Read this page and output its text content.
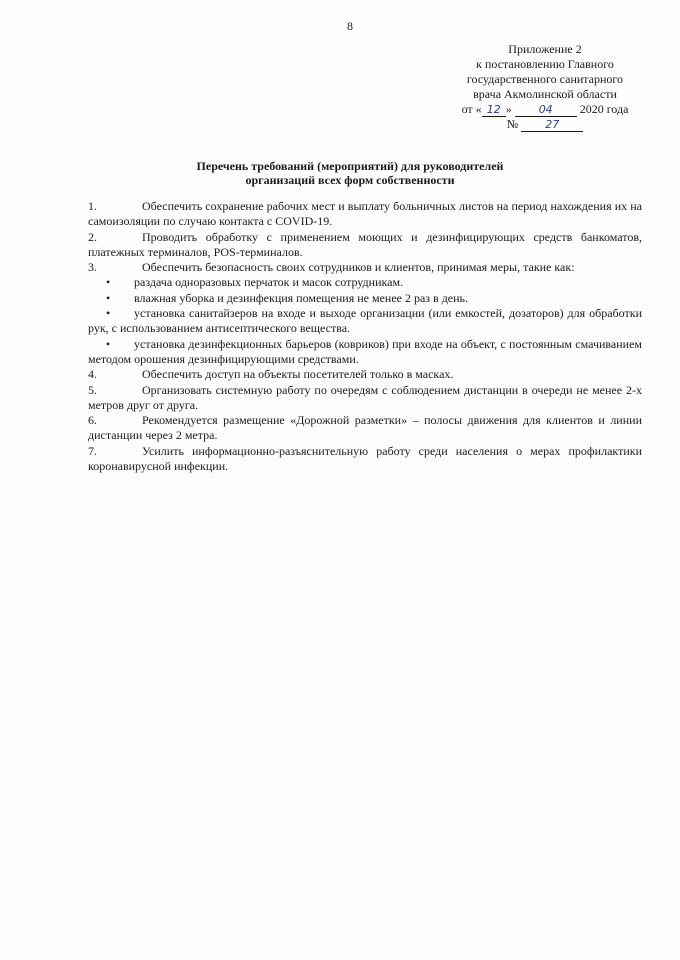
8
Приложение 2
к постановлению Главного
государственного санитарного
врача Акмолинской области
от « 12 » 04 2020 года
№ 27
Перечень требований (мероприятий) для руководителей
организаций всех форм собственности

1.	Обеспечить сохранение рабочих мест и выплату больничных листов на период нахождения их на самоизоляции по случаю контакта с COVID-19.

2.	Проводить обработку с применением моющих и дезинфицирующих средств банкоматов, платежных терминалов, POS-терминалов.

3.	Обеспечить безопасность своих сотрудников и клиентов, принимая меры, такие как:

• раздача одноразовых перчаток и масок сотрудникам.

• влажная уборка и дезинфекция помещения не менее 2 раз в день.

• установка санитайзеров на входе и выходе организации (или емкостей, дозаторов) для обработки рук, с использованием антисептического вещества.

• установка дезинфекционных барьеров (ковриков) при входе на объект, с постоянным смачиванием методом орошения дезинфицирующими средствами.

4.	Обеспечить доступ на объекты посетителей только в масках.

5.	Организовать системную работу по очередям с соблюдением дистанции в очереди не менее 2-х метров друг от друга.

6.	Рекомендуется размещение «Дорожной разметки» – полосы движения для клиентов и линии дистанции через 2 метра.

7.	Усилить информационно-разъяснительную работу среди населения о мерах профилактики коронавирусной инфекции.
